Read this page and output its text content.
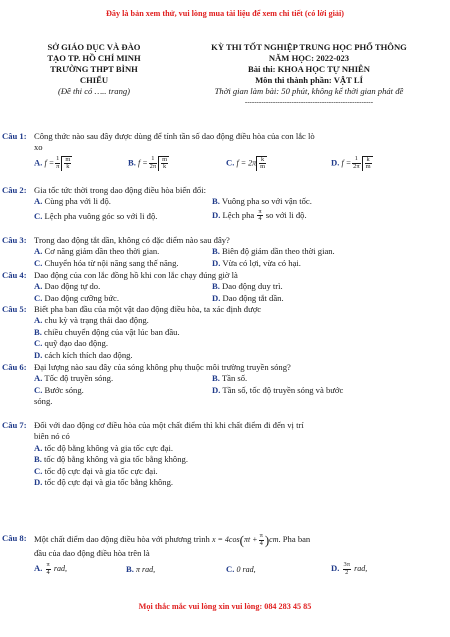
Đây là bản xem thử, vui lòng mua tài liệu để xem chi tiết (có lời giải)
SỞ GIÁO DỤC VÀ ĐÀO
TẠO TP. HỒ CHÍ MINH
TRƯỜNG THPT BÌNH
CHIỂU
(Đề thi có ….. trang)
KỲ THI TỐT NGHIỆP TRUNG HỌC PHỔ THÔNG
NĂM HỌC: 2022-023
Bài thi: KHOA HỌC TỰ NHIÊN
Môn thi thành phần: VẬT LÍ
Thời gian làm bài: 50 phút, không kể thời gian phát đề
-------------------------------------------------------
Câu 1: Công thức nào sau đây được dùng để tính tần số dao động điều hòa của con lắc lò
xo
A. $f = \frac{1}{\pi} \frac{m}{k}$	B. $f = \frac{1}{2\pi} \frac{m}{k}$	C. $f = 2\pi \frac{k}{m}$	D. $f = \frac{1}{2\pi} \frac{k}{m}$
Câu 2: Gia tốc tức thời trong dao động điều hòa biến đổi:
A. Cùng pha với li độ.	B. Vuông pha so với vận tốc.
C. Lệch pha vuông góc so với li độ.	D. Lệch pha $\frac{\pi}{4}$ so với li độ.
Câu 3: Trong dao động tắt dần, không có đặc điểm nào sau đây?
A. Cơ năng giảm dần theo thời gian.	B. Biên độ giảm dần theo thời gian.
C. Chuyển hóa từ nội năng sang thế năng.	D. Vừa có lợi, vừa có hại.
Câu 4: Dao động của con lắc đồng hồ khi con lắc chạy đúng giờ là
A. Dao động tự do.	B. Dao động duy trì.
C. Dao động cưỡng bức.	D. Dao động tắt dần.
Câu 5: Biết pha ban đầu của một vật dao động điều hòa, ta xác định được
A. chu kỳ và trạng thái dao động.
B. chiều chuyển động của vật lúc ban đầu.
C. quỹ đạo dao động.
D. cách kích thích dao động.
Câu 6: Đại lượng nào sau đây của sóng không phụ thuộc môi trường truyền sóng?
A. Tốc độ truyền sóng.	B. Tần số.
C. Bước sóng.	D. Tần số, tốc độ truyền sóng và bước
sóng.
Câu 7: Đối với dao động cơ điều hòa của một chất điểm thì khi chất điểm đi đến vị trí
biên nó có
A. tốc độ bằng không và gia tốc cực đại.
B. tốc độ bằng không và gia tốc bằng không.
C. tốc độ cực đại và gia tốc cực đại.
D. tốc độ cực đại và gia tốc bằng không.
Câu 8: Một chất điểm dao động điều hòa với phương trình $x = 4\cos(\pi t + \frac{\pi}{4} )cm$. Pha ban
đầu của dao động điều hòa trên là
A. $\frac{\pi}{4}$ rad,	B. π rad,	C. 0 rad,	D. $\frac{3\pi}{2}$ rad,
Mọi thắc mắc vui lòng xin vui lòng: 084 283 45 85
